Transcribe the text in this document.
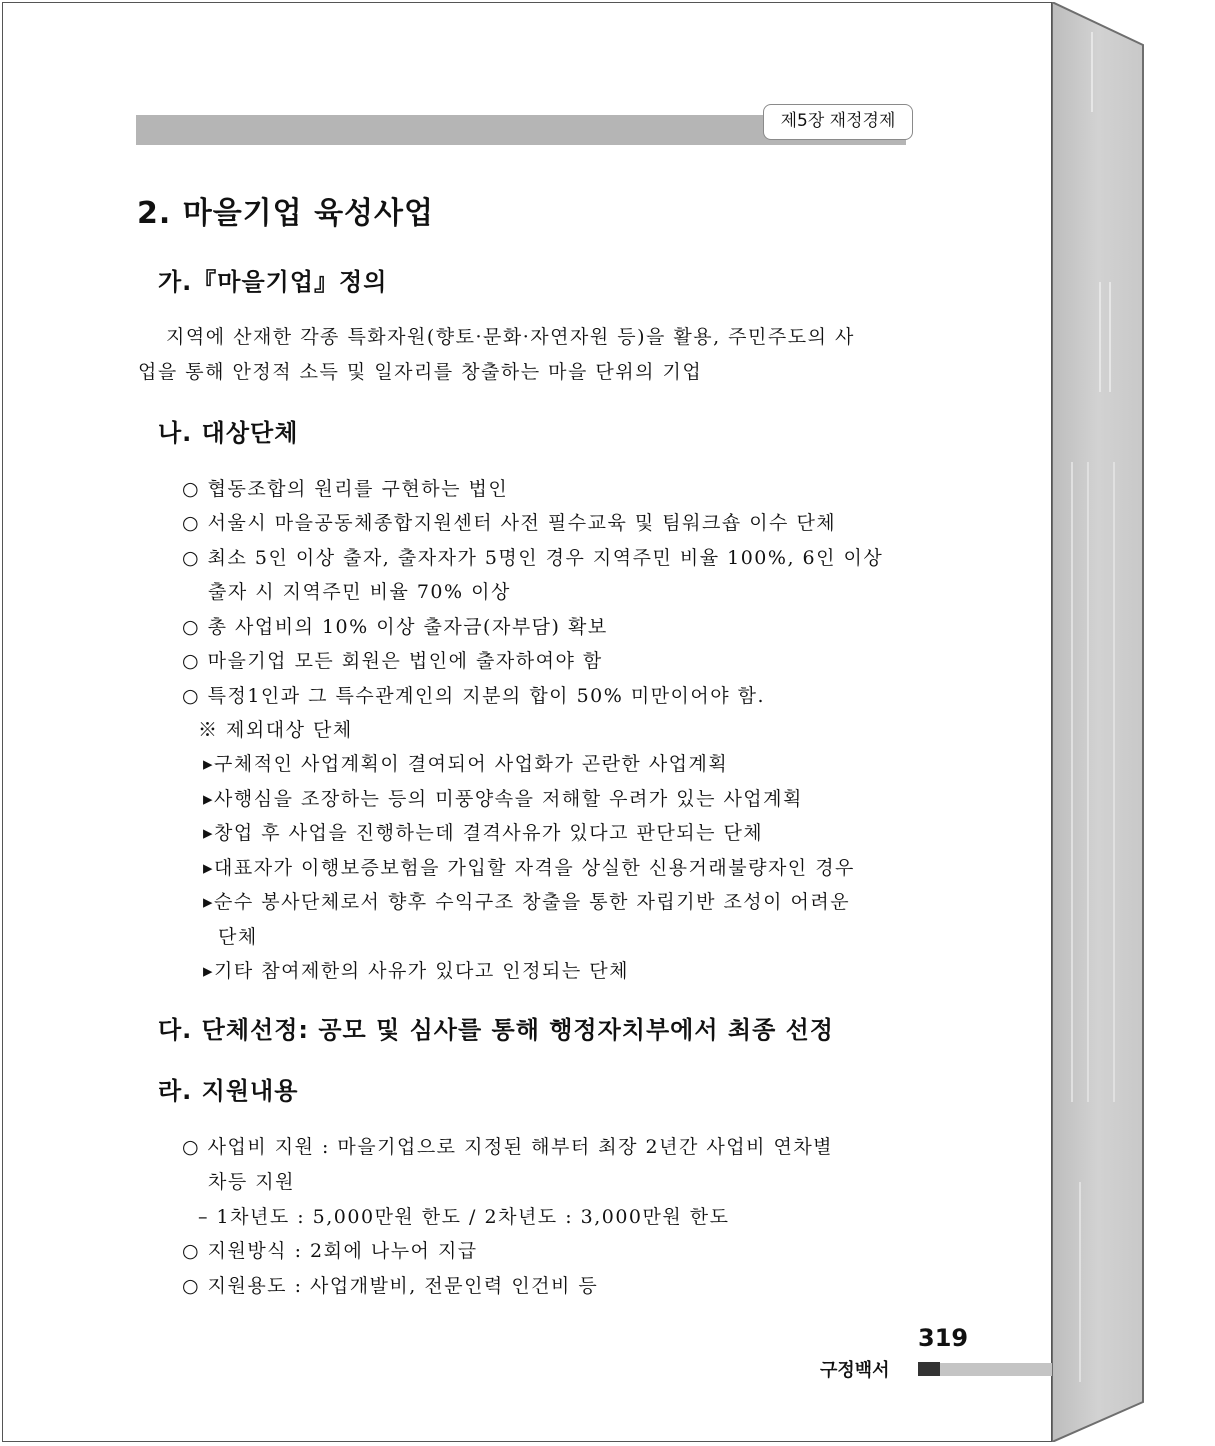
제5장 재정경제
2. 마을기업 육성사업
가.『마을기업』정의
지역에 산재한 각종 특화자원(향토·문화·자연자원 등)을 활용, 주민주도의 사
업을 통해 안정적 소득 및 일자리를 창출하는 마을 단위의 기업
나. 대상단체
○ 협동조합의 원리를 구현하는 법인
○ 서울시 마을공동체종합지원센터 사전 필수교육 및 팀워크숍 이수 단체
○ 최소 5인 이상 출자, 출자자가 5명인 경우 지역주민 비율 100%, 6인 이상
출자 시 지역주민 비율 70% 이상
○ 총 사업비의 10% 이상 출자금(자부담) 확보
○ 마을기업 모든 회원은 법인에 출자하여야 함
○ 특정1인과 그 특수관계인의 지분의 합이 50% 미만이어야 함.
※ 제외대상 단체
▸구체적인 사업계획이 결여되어 사업화가 곤란한 사업계획
▸사행심을 조장하는 등의 미풍양속을 저해할 우려가 있는 사업계획
▸창업 후 사업을 진행하는데 결격사유가 있다고 판단되는 단체
▸대표자가 이행보증보험을 가입할 자격을 상실한 신용거래불량자인 경우
▸순수 봉사단체로서 향후 수익구조 창출을 통한 자립기반 조성이 어려운
단체
▸기타 참여제한의 사유가 있다고 인정되는 단체
다. 단체선정: 공모 및 심사를 통해 행정자치부에서 최종 선정
라. 지원내용
○ 사업비 지원 : 마을기업으로 지정된 해부터 최장 2년간 사업비 연차별
차등 지원
– 1차년도 : 5,000만원 한도 / 2차년도 : 3,000만원 한도
○ 지원방식 : 2회에 나누어 지급
○ 지원용도 : 사업개발비, 전문인력 인건비 등
319
구정백서
